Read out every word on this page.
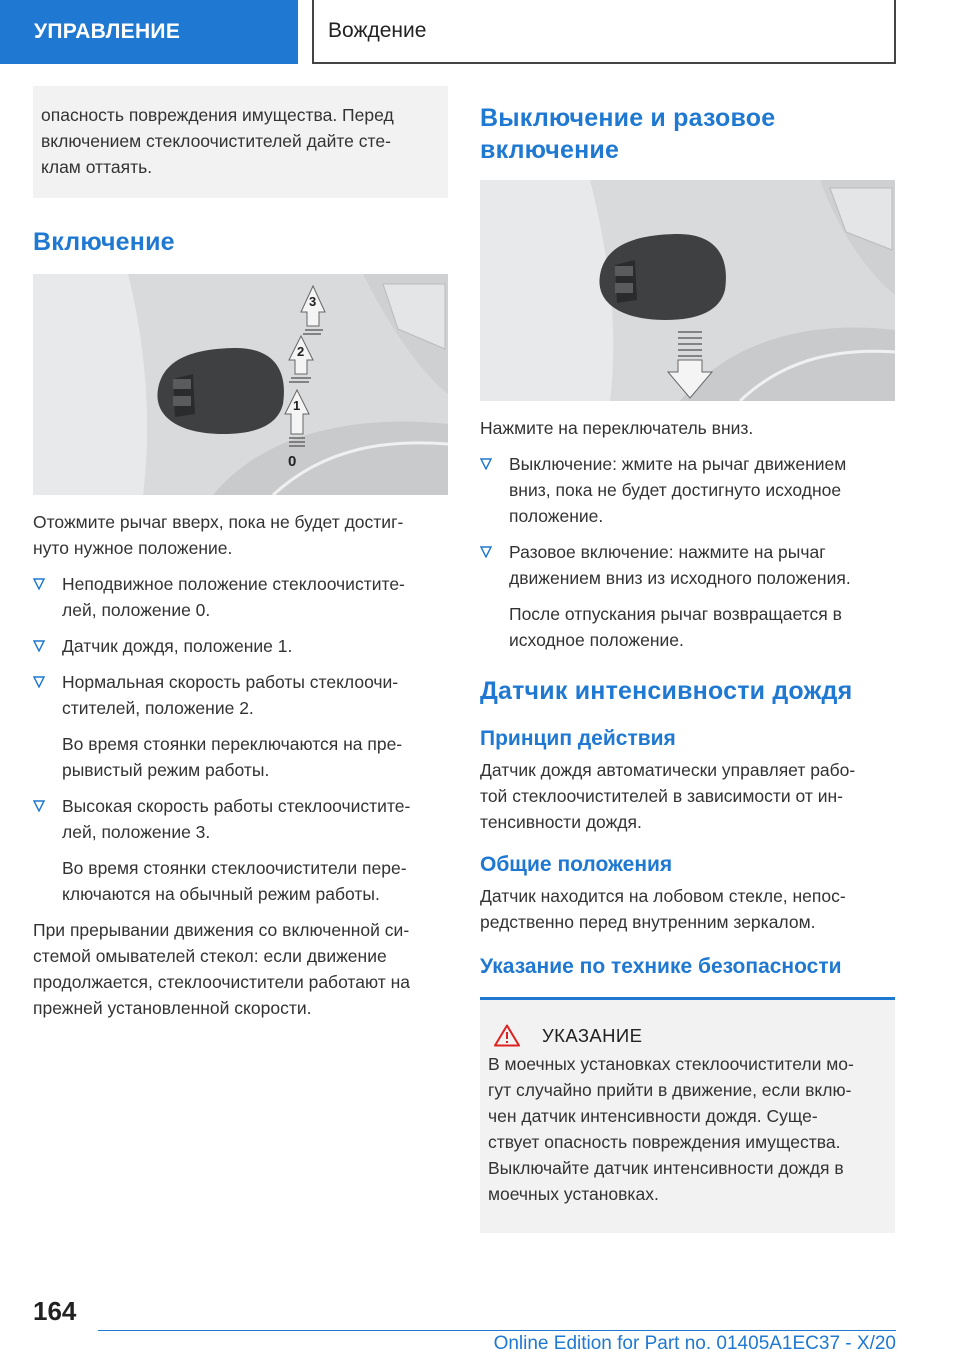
УПРАВЛЕНИЕ	Вождение
опасность повреждения имущества. Перед
включением стеклоочистителей дайте сте-
клам оттаять.
Включение
3
2
1
0

Отожмите рычаг вверх, пока не будет достиг-

нуто нужное положение.

Неподвижное положение стеклоочистите-
лей, положение 0.
Датчик дождя, положение 1.
Нормальная скорость работы стеклоочи-
стителей, положение 2.
Во время стоянки переключаются на пре-
рывистый режим работы.
Высокая скорость работы стеклоочистите-
лей, положение 3.
Во время стоянки стеклоочистители пере-
ключаются на обычный режим работы.

При прерывании движения со включенной си-

стемой омывателей стекол: если движение

продолжается, стеклоочистители работают на

прежней установленной скорости.

Выключение и разовое
включение

Нажмите на переключатель вниз.

Выключение: жмите на рычаг движением
вниз, пока не будет достигнуто исходное
положение.
Разовое включение: нажмите на рычаг
движением вниз из исходного положения.
После отпускания рычаг возвращается в
исходное положение.
Датчик интенсивности дождя
Принцип действия

Датчик дождя автоматически управляет рабо-

той стеклоочистителей в зависимости от ин-

тенсивности дождя.

Общие положения

Датчик находится на лобовом стекле, непос-

редственно перед внутренним зеркалом.

Указание по технике безопасности
УКАЗАНИЕ

В моечных установках стеклоочистители мо-

гут случайно прийти в движение, если вклю-

чен датчик интенсивности дождя. Суще-

ствует опасность повреждения имущества.

Выключайте датчик интенсивности дождя в

моечных установках.

164
Online Edition for Part no. 01405A1EC37 - X/20
